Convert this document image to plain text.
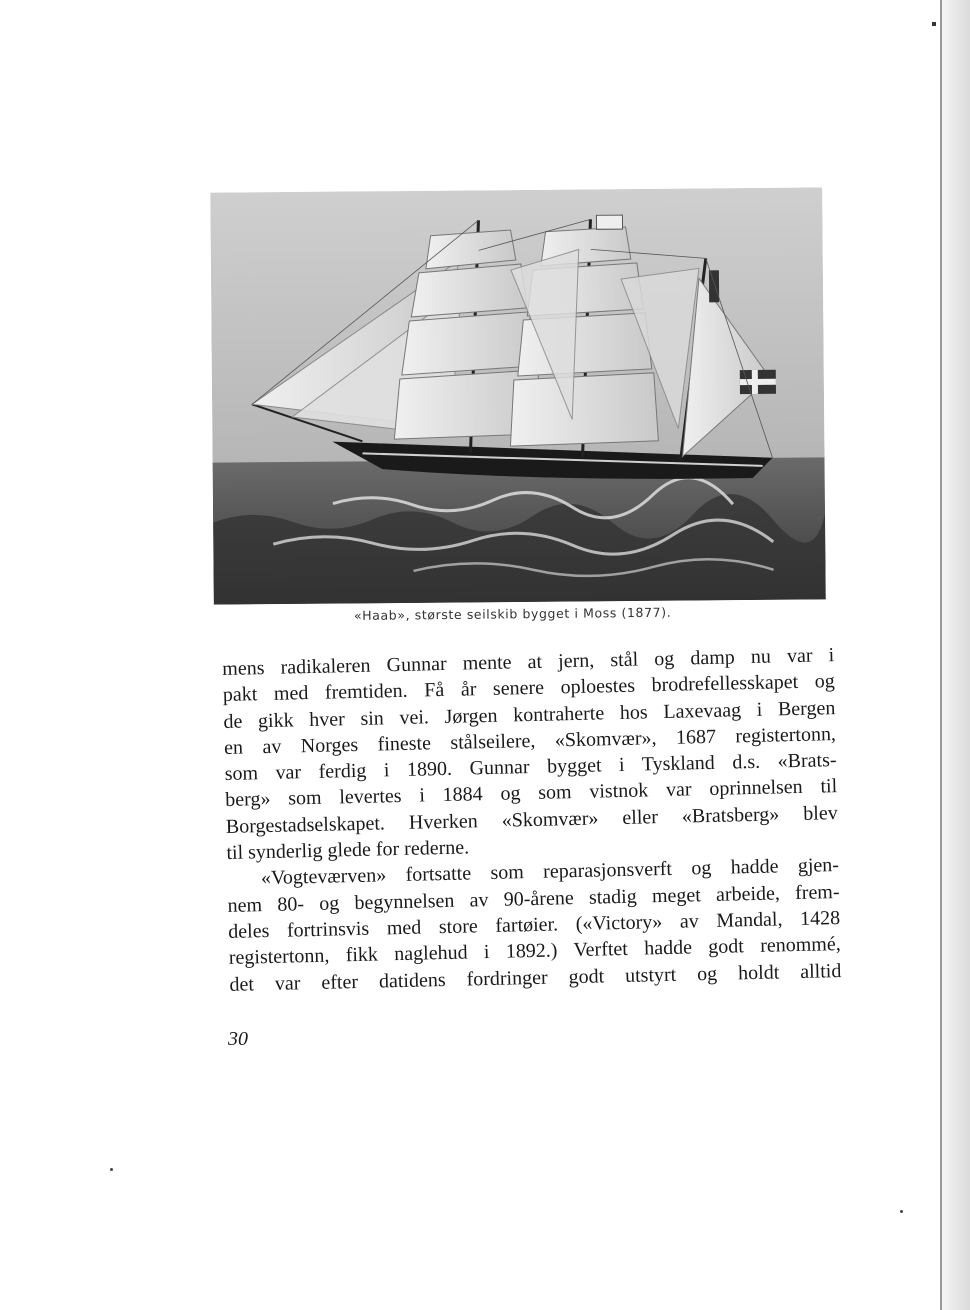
«Haab», største seilskib bygget i Moss (1877).
mens radikaleren Gunnar mente at jern, stål og damp nu var i
pakt med fremtiden. Få år senere oploestes brodrefellesskapet og
de gikk hver sin vei. Jørgen kontraherte hos Laxevaag i Bergen
en av Norges fineste stålseilere, «Skomvær», 1687 registertonn,
som var ferdig i 1890. Gunnar bygget i Tyskland d.s. «Brats-
berg» som levertes i 1884 og som vistnok var oprinnelsen til
Borgestadselskapet. Hverken «Skomvær» eller «Bratsberg» blev
til synderlig glede for rederne.
«Vogteværven» fortsatte som reparasjonsverft og hadde gjen-
nem 80- og begynnelsen av 90-årene stadig meget arbeide, frem-
deles fortrinsvis med store fartøier. («Victory» av Mandal, 1428
registertonn, fikk naglehud i 1892.) Verftet hadde godt renommé,
det var efter datidens fordringer godt utstyrt og holdt alltid
30
